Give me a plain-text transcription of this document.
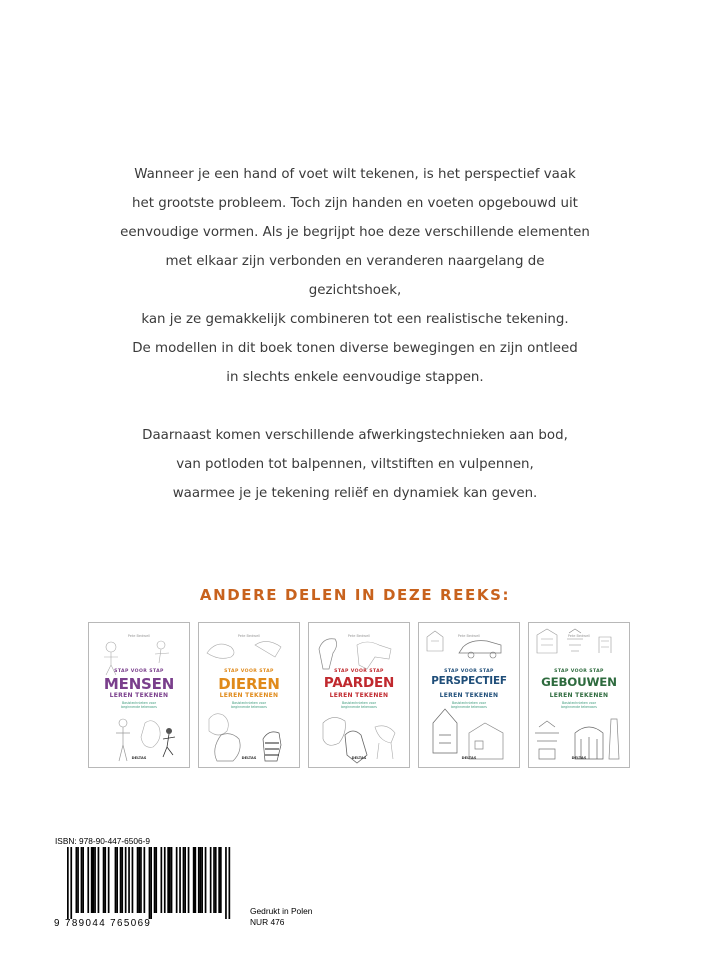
Wanneer je een hand of voet wilt tekenen, is het perspectief vaak

het grootste probleem. Toch zijn handen en voeten opgebouwd uit

eenvoudige vormen. Als je begrijpt hoe deze verschillende elementen

met elkaar zijn verbonden en veranderen naargelang de gezichtshoek,

kan je ze gemakkelijk combineren tot een realistische tekening.

De modellen in dit boek tonen diverse bewegingen en zijn ontleed

in slechts enkele eenvoudige stappen.

Daarnaast komen verschillende afwerkingstechnieken aan bod,

van potloden tot balpennen, viltstiften en vulpennen,

waarmee je je tekening reliëf en dynamiek kan geven.

ANDERE DELEN IN DEZE REEKS:
Pete Bedwell
STAP VOOR STAP
MENSEN
LEREN TEKENEN
Basistechnieken voor
beginnende tekenaars
DELTAS
Pete Bedwell
STAP VOOR STAP
DIEREN
LEREN TEKENEN
Basistechnieken voor
beginnende tekenaars
DELTAS
Pete Bedwell
STAP VOOR STAP
PAARDEN
LEREN TEKENEN
Basistechnieken voor
beginnende tekenaars
DELTAS
Pete Bedwell
STAP VOOR STAP
PERSPECTIEF
LEREN TEKENEN
Basistechnieken voor
beginnende tekenaars
DELTAS
Pete Bedwell
STAP VOOR STAP
GEBOUWEN
LEREN TEKENEN
Basistechnieken voor
beginnende tekenaars
DELTAS
ISBN: 978-90-447-6506-9
9 789044 765069
Gedrukt in Polen
NUR 476
